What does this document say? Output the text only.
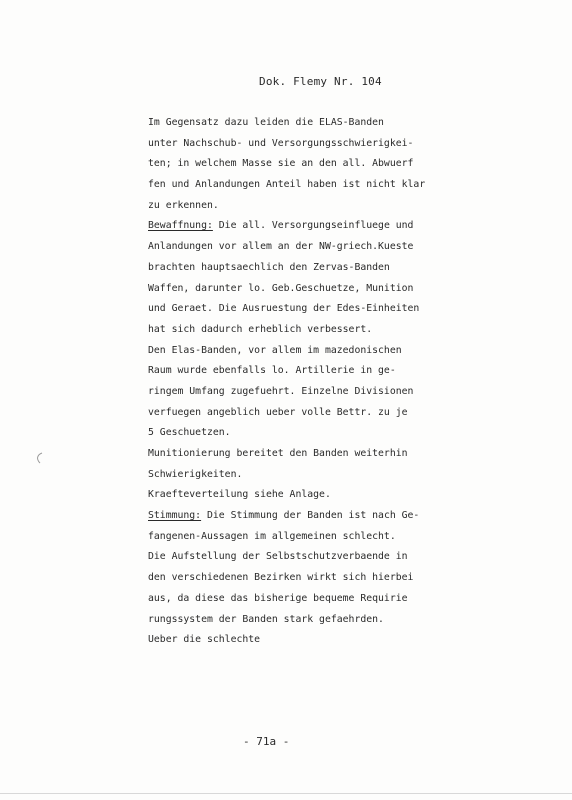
Dok. Flemy Nr. 104
Im Gegensatz dazu leiden die ELAS-Banden
unter Nachschub- und Versorgungsschwierigkei-
ten; in welchem Masse sie an den all. Abwuerf
fen und Anlandungen Anteil haben ist nicht klar
zu erkennen.
Bewaffnung: Die all. Versorgungseinfluege und
Anlandungen vor allem an der NW-griech.Kueste
brachten hauptsaechlich den Zervas-Banden
Waffen, darunter lo. Geb.Geschuetze, Munition
und Geraet. Die Ausruestung der Edes-Einheiten
hat sich dadurch erheblich verbessert.
Den Elas-Banden, vor allem im mazedonischen
Raum wurde ebenfalls lo. Artillerie in ge-
ringem Umfang zugefuehrt. Einzelne Divisionen
verfuegen angeblich ueber volle Bettr. zu je
5 Geschuetzen.
Munitionierung bereitet den Banden weiterhin
Schwierigkeiten.
Kraefteverteilung siehe Anlage.
Stimmung: Die Stimmung der Banden ist nach Ge-
fangenen-Aussagen im allgemeinen schlecht.
Die Aufstellung der Selbstschutzverbaende in
den verschiedenen Bezirken wirkt sich hierbei
aus, da diese das bisherige bequeme Requirie
rungssystem der Banden stark gefaehrden.
Ueber die schlechte
- 71a -
